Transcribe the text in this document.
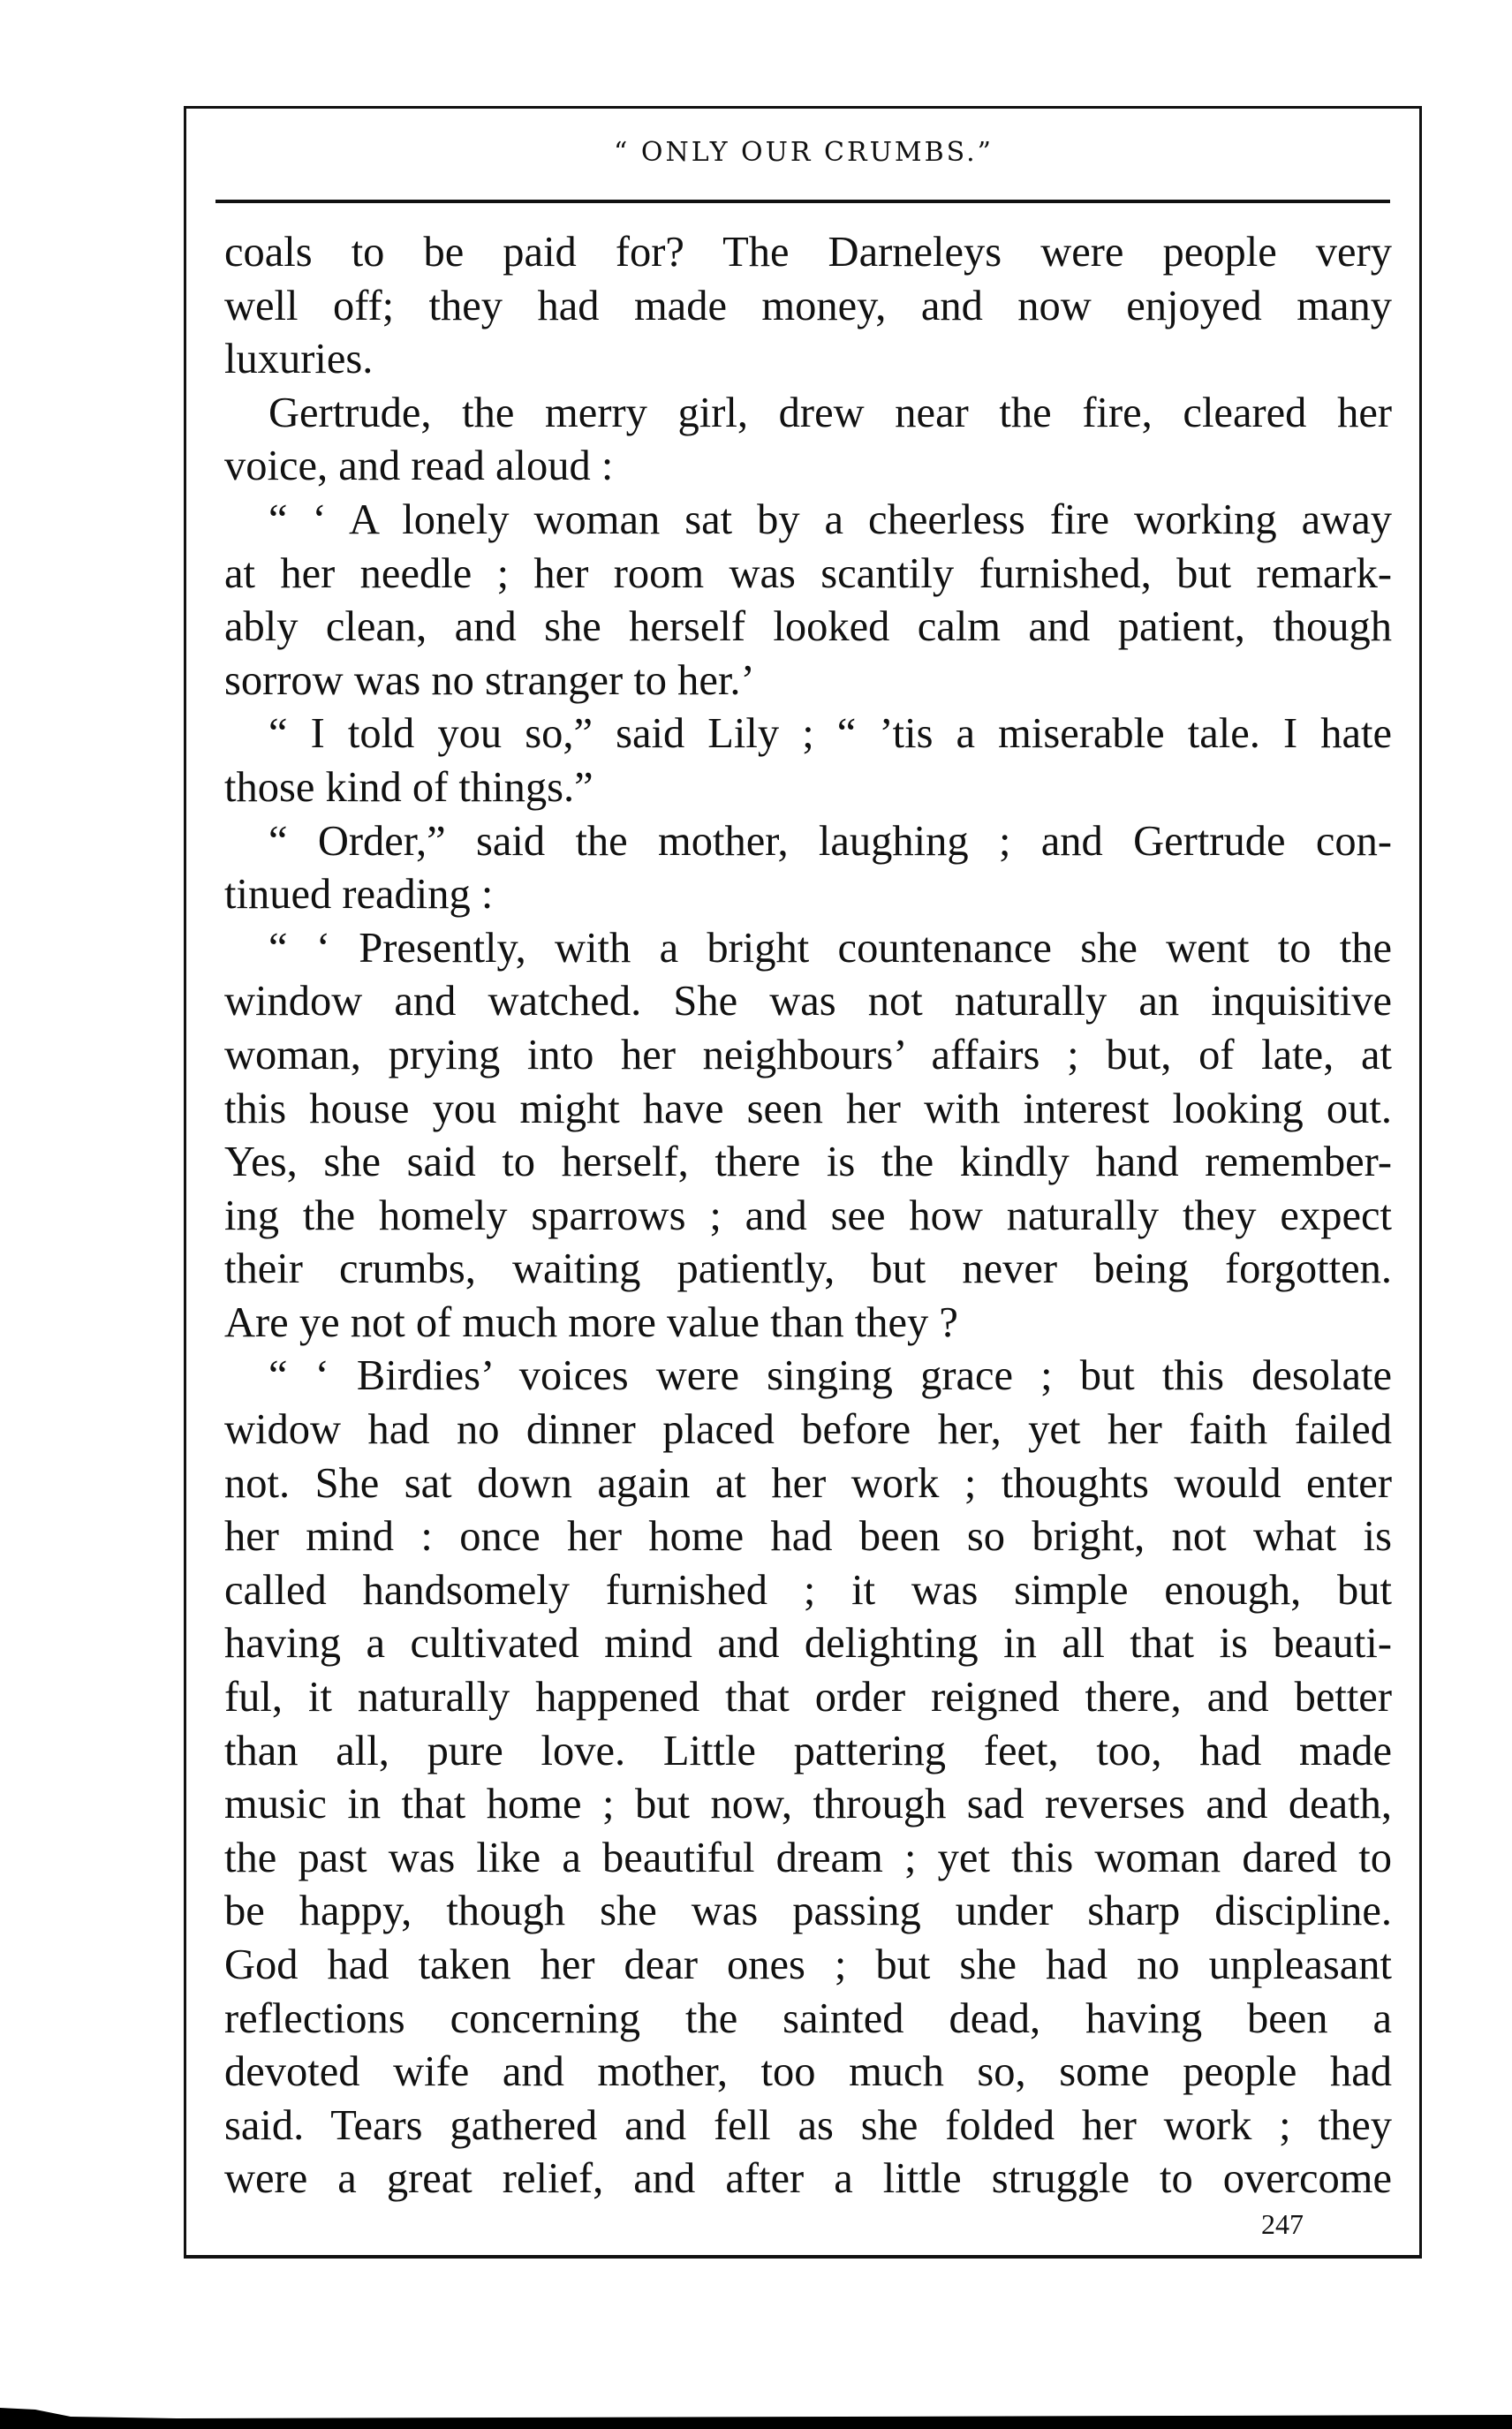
“ ONLY OUR CRUMBS.”
coals to be paid for? The Darneleys were people very
well off; they had made money, and now enjoyed many
luxuries.
Gertrude, the merry girl, drew near the fire, cleared her
voice, and read aloud :
“ ‘ A lonely woman sat by a cheerless fire working away
at her needle ; her room was scantily furnished, but remark-
ably clean, and she herself looked calm and patient, though
sorrow was no stranger to her.’
“ I told you so,” said Lily ; “ ’tis a miserable tale. I hate
those kind of things.”
“ Order,” said the mother, laughing ; and Gertrude con-
tinued reading :
“ ‘ Presently, with a bright countenance she went to the
window and watched. She was not naturally an inquisitive
woman, prying into her neighbours’ affairs ; but, of late, at
this house you might have seen her with interest looking out.
Yes, she said to herself, there is the kindly hand remember-
ing the homely sparrows ; and see how naturally they expect
their crumbs, waiting patiently, but never being forgotten.
Are ye not of much more value than they ?
“ ‘ Birdies’ voices were singing grace ; but this desolate
widow had no dinner placed before her, yet her faith failed
not. She sat down again at her work ; thoughts would enter
her mind : once her home had been so bright, not what is
called handsomely furnished ; it was simple enough, but
having a cultivated mind and delighting in all that is beauti-
ful, it naturally happened that order reigned there, and better
than all, pure love. Little pattering feet, too, had made
music in that home ; but now, through sad reverses and death,
the past was like a beautiful dream ; yet this woman dared to
be happy, though she was passing under sharp discipline.
God had taken her dear ones ; but she had no unpleasant
reflections concerning the sainted dead, having been a
devoted wife and mother, too much so, some people had
said. Tears gathered and fell as she folded her work ; they
were a great relief, and after a little struggle to overcome
247
